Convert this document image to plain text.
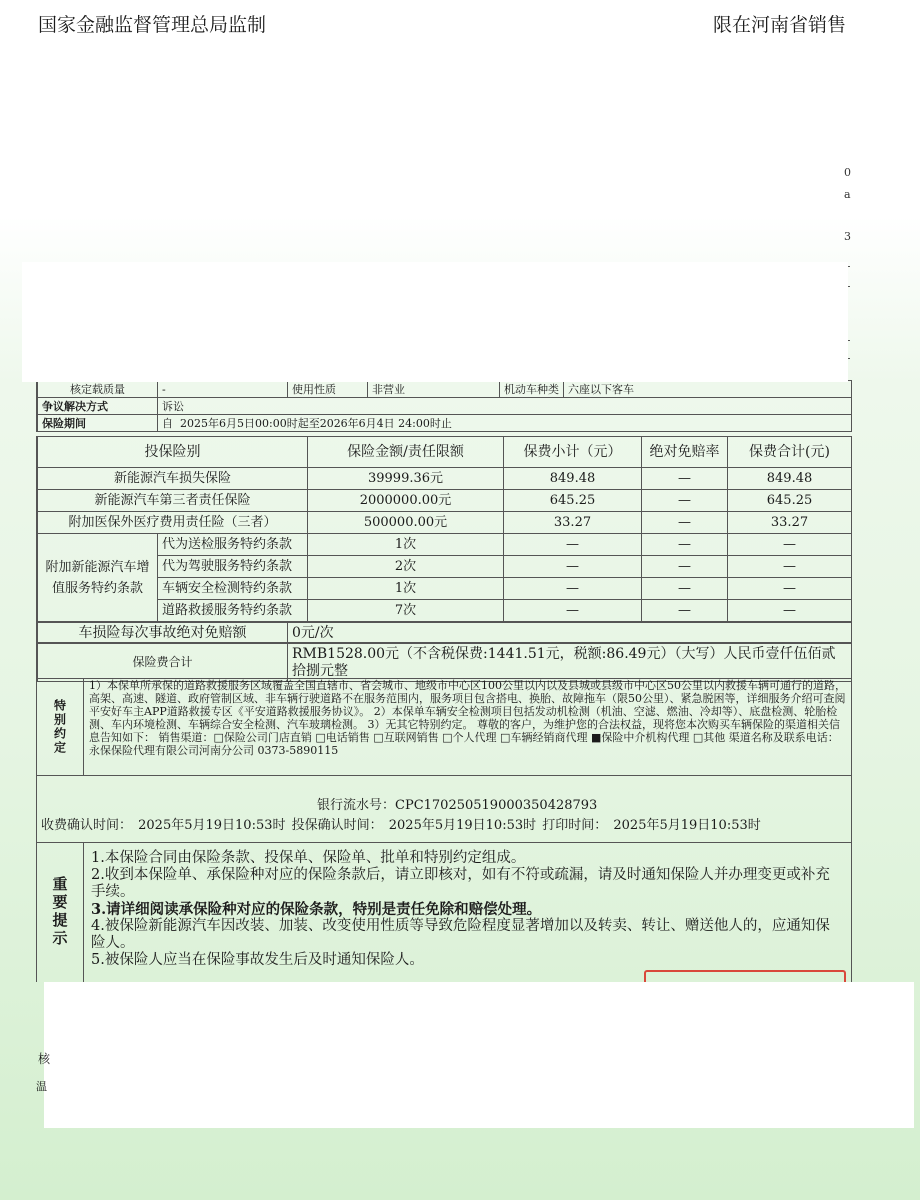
国家金融监督管理总局监制	限在河南省销售
0
a
3
核定载质量	-	使用性质	非营业	机动车种类	六座以下客车
争议解决方式	诉讼				
保险期间	自 2025年6月5日00:00时起至2026年6月4日 24:00时止				
投保险别		保险金额/责任限额	保费小计（元）	绝对免赔率	保费合计(元)
新能源汽车损失保险		39999.36元	849.48	—	849.48
新能源汽车第三者责任保险		2000000.00元	645.25	—	645.25
附加医保外医疗费用责任险（三者）		500000.00元	33.27	—	33.27
附加新能源汽车增值服务特约条款	代为送检服务特约条款	1次	—	—	—
	代为驾驶服务特约条款	2次	—	—	—
	车辆安全检测特约条款	1次	—	—	—
	道路救援服务特约条款	7次	—	—	—
车损险每次事故绝对免赔额	0元/次
保险费合计	RMB1528.00元（不含税保费:1441.51元，税额:86.49元）（大写）人民币壹仟伍佰贰拾捌元整
特别约定
1）本保单所承保的道路救援服务区域覆盖全国直辖市、省会城市、地级市中心区100公里以内以及县城或县级市中心区50公里以内救援车辆可通行的道路，高架、高速、隧道、政府管制区域、非车辆行驶道路不在服务范围内，服务项目包含搭电、换胎、故障拖车（限50公里）、紧急脱困等，详细服务介绍可查阅平安好车主APP道路救援专区《平安道路救援服务协议》。 2）本保单车辆安全检测项目包括发动机检测（机油、空滤、燃油、冷却等）、底盘检测、轮胎检测、车内环境检测、车辆综合安全检测、汽车玻璃检测。 3）无其它特别约定。 尊敬的客户，为维护您的合法权益，现将您本次购买车辆保险的渠道相关信息告知如下： 销售渠道：□保险公司门店直销 □电话销售 □互联网销售 □个人代理 □车辆经销商代理 ■保险中介机构代理 □其他 渠道名称及联系电话：永保保险代理有限公司河南分公司 0373-5890115
银行流水号：CPC170250519000350428793
收费确认时间： 2025年5月19日10:53时 投保确认时间： 2025年5月19日10:53时 打印时间： 2025年5月19日10:53时
重要提示
1.本保险合同由保险条款、投保单、保险单、批单和特别约定组成。
2.收到本保险单、承保险种对应的保险条款后，请立即核对，如有不符或疏漏，请及时通知保险人并办理变更或补充手续。
3.请详细阅读承保险种对应的保险条款，特别是责任免除和赔偿处理。
4.被保险新能源汽车因改装、加装、改变使用性质等导致危险程度显著增加以及转卖、转让、赠送他人的，应通知保险人。
5.被保险人应当在保险事故发生后及时通知保险人。
核
温
